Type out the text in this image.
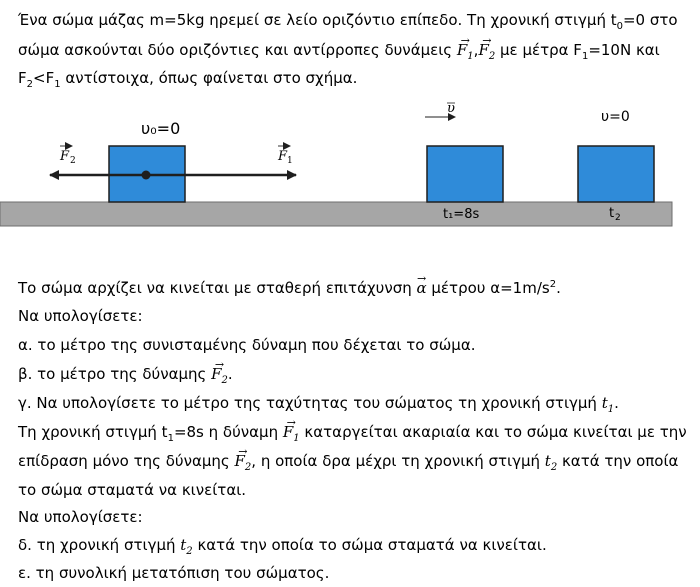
Ένα σώμα μάζας m=5kg ηρεμεί σε λείο οριζόντιο επίπεδο. Τη χρονική στιγμή $t_0=0$ στο
σώμα ασκούνται δύο οριζόντιες και αντίρροπες $\delta\upsilon\nu ά\mu\varepsilon\iota\varsigma \to F_1,\to F_2$ με μέτρα $F_1=10N$ και
$F_2<F_1$ αντίστοιχα, όπως φαίνεται στο σχήμα.
υ₀=0
F 2	F 1
υ
t₁=8s
υ=0
t 2
Το σώμα αρχίζει να κινείται με σταθερή επιτάχυνση → α μέτρου $\alpha=1m/s^2$.
Να υπολογίσετε:
α. το μέτρο της συνισταμένης δύναμη που δέχεται το σώμα.
β. το μέτρο της $\delta ύ\nu\alpha\mu\eta\varsigma \to F_2$.
γ. Να υπολογίσετε το μέτρο της ταχύτητας του σώματος τη χρονική στιγμή $t_1$.
Τη χρονική στιγμή $t_1=8s$ η $\delta ύ\nu\alpha\mu\eta \to F_1$ καταργείται ακαριαία και το σώμα κινείται με την
επίδραση μόνο της $\delta ύ\nu\alpha\mu\eta\varsigma \to F_2$, η οποία δρα μέχρι τη χρονική στιγμή $t_2$ κατά την οποία
το σώμα σταματά να κινείται.
Να υπολογίσετε:
δ. τη χρονική στιγμή $t_2$ κατά την οποία το σώμα σταματά να κινείται.
ε. τη συνολική μετατόπιση του σώματος.
